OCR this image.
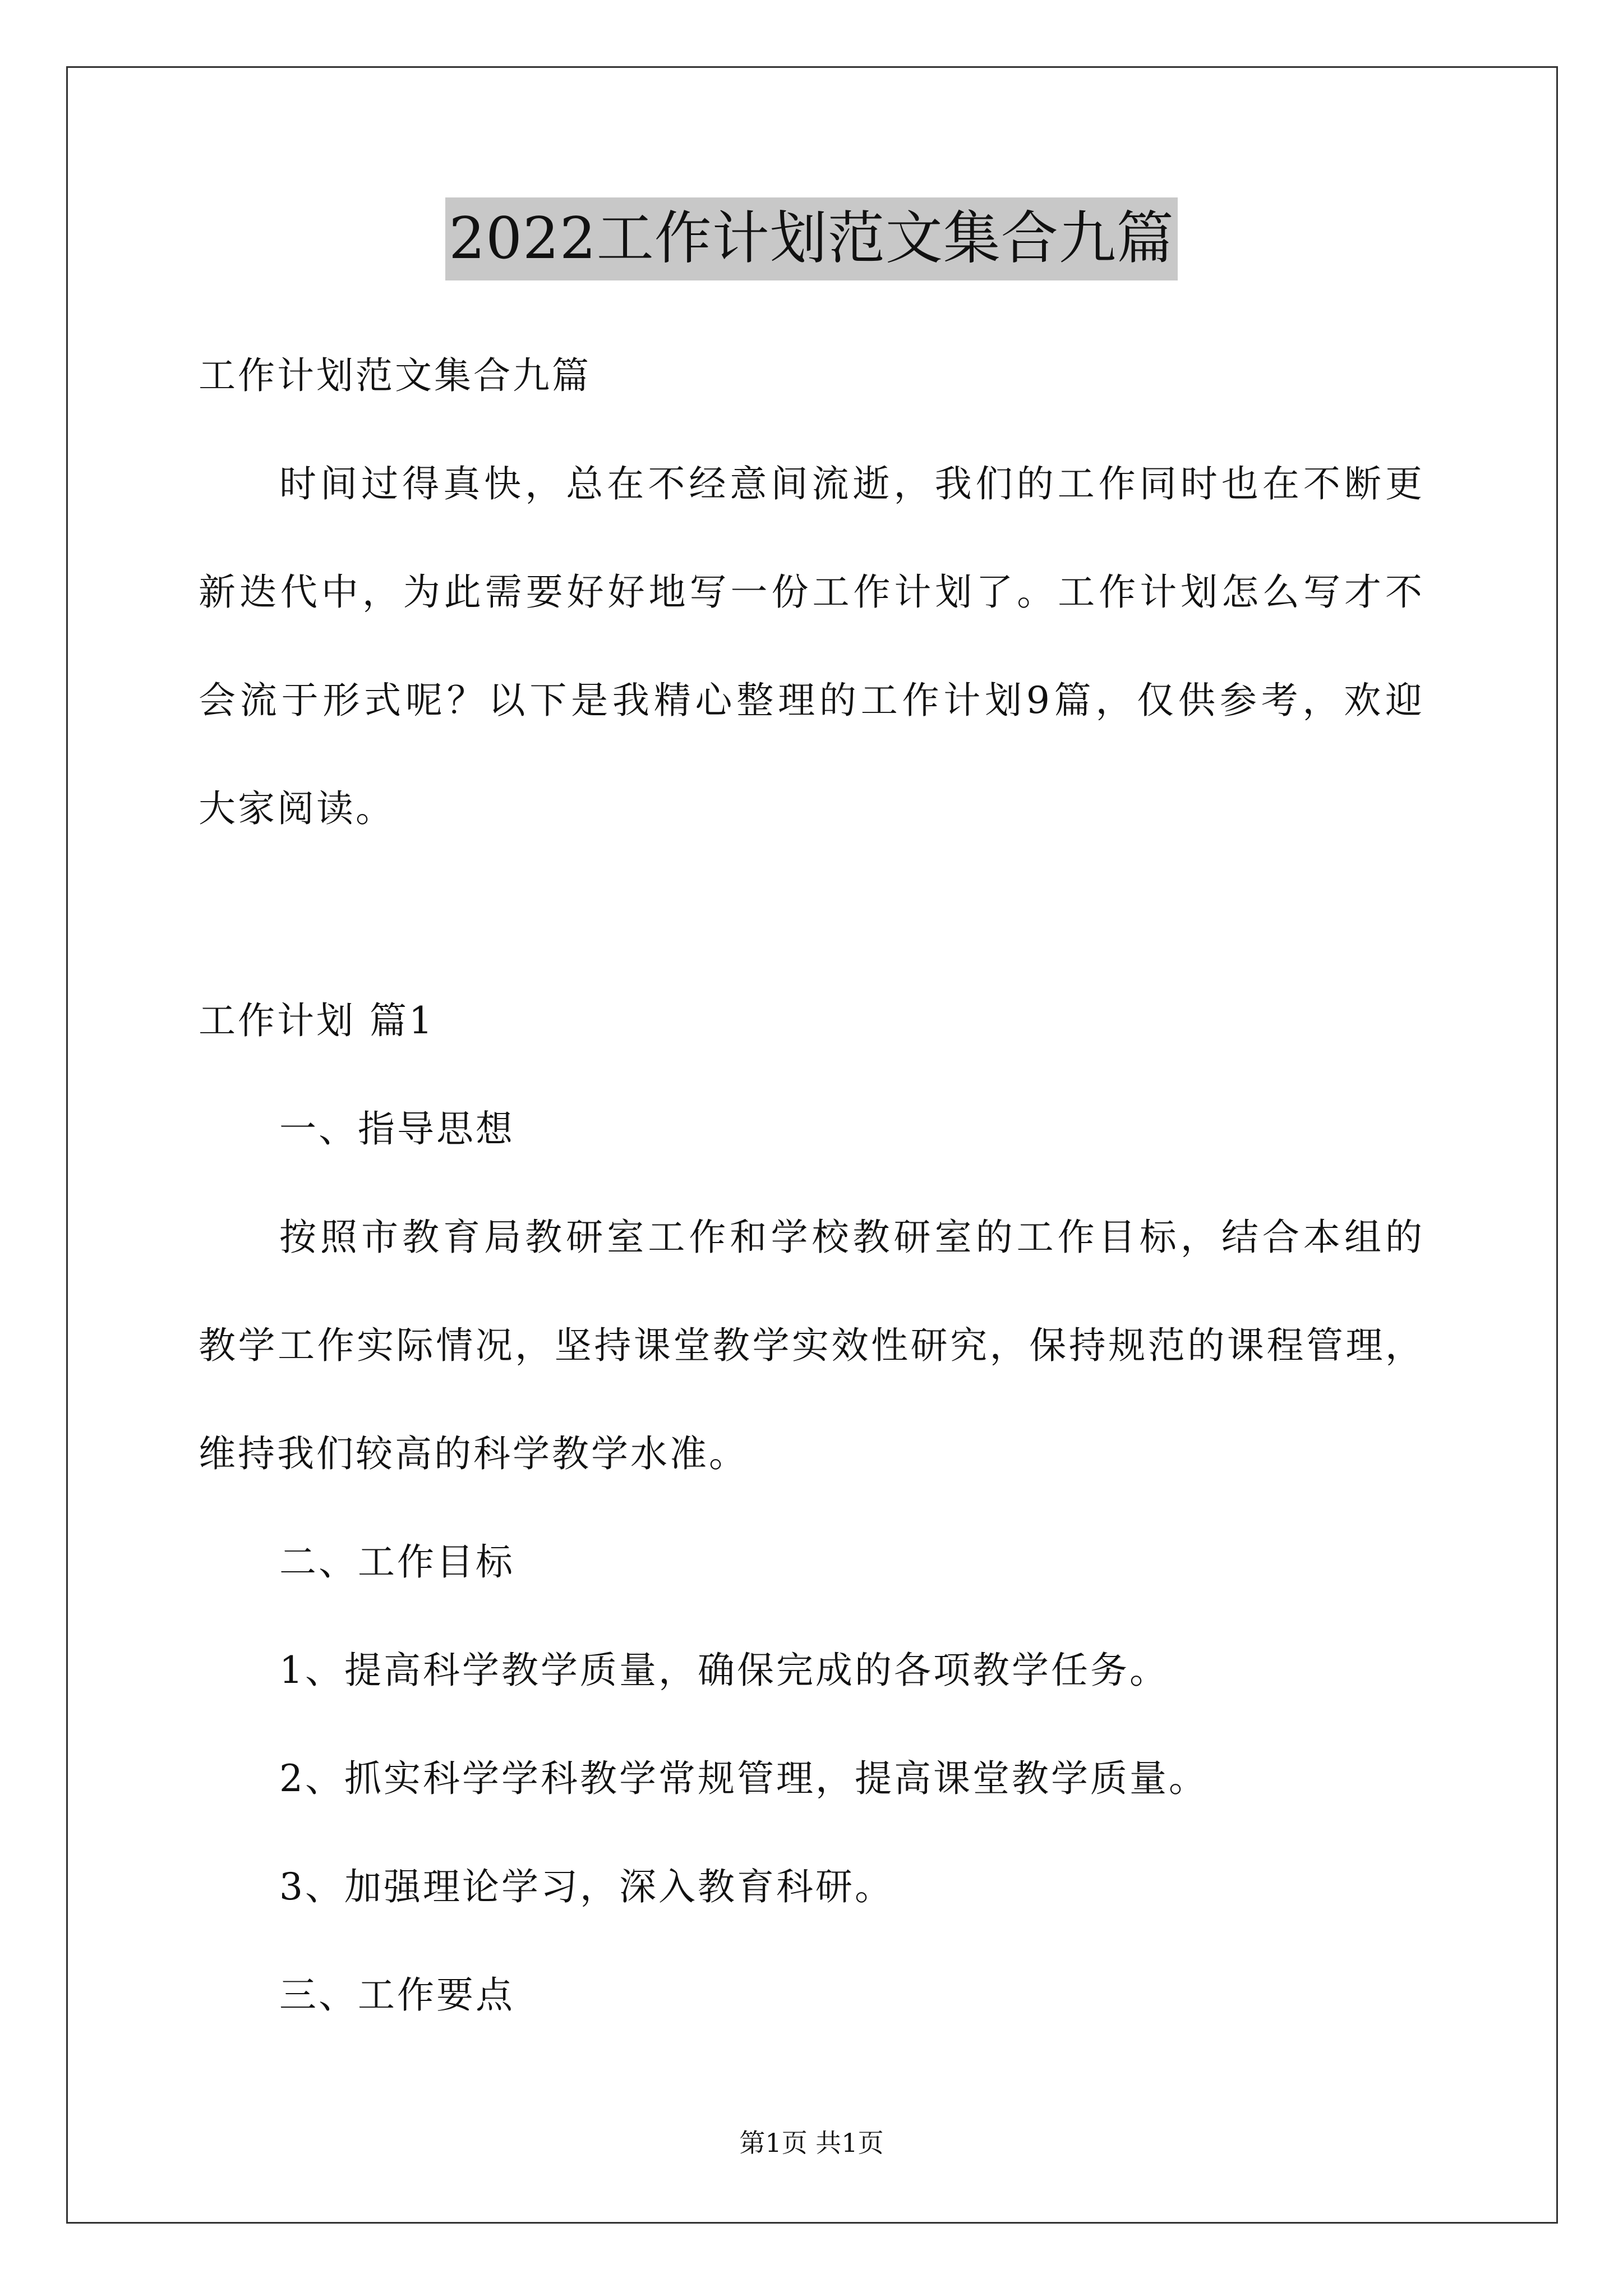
2022工作计划范文集合九篇
工作计划范文集合九篇
时间过得真快，总在不经意间流逝，我们的工作同时也在不断更
新迭代中，为此需要好好地写一份工作计划了。工作计划怎么写才不
会流于形式呢？以下是我精心整理的工作计划9篇，仅供参考，欢迎
大家阅读。
工作计划 篇1
一、指导思想
按照市教育局教研室工作和学校教研室的工作目标，结合本组的
教学工作实际情况，坚持课堂教学实效性研究，保持规范的课程管理，
维持我们较高的科学教学水准。
二、工作目标
1、提高科学教学质量，确保完成的各项教学任务。
2、抓实科学学科教学常规管理，提高课堂教学质量。
3、加强理论学习，深入教育科研。
三、工作要点
第1页 共1页
